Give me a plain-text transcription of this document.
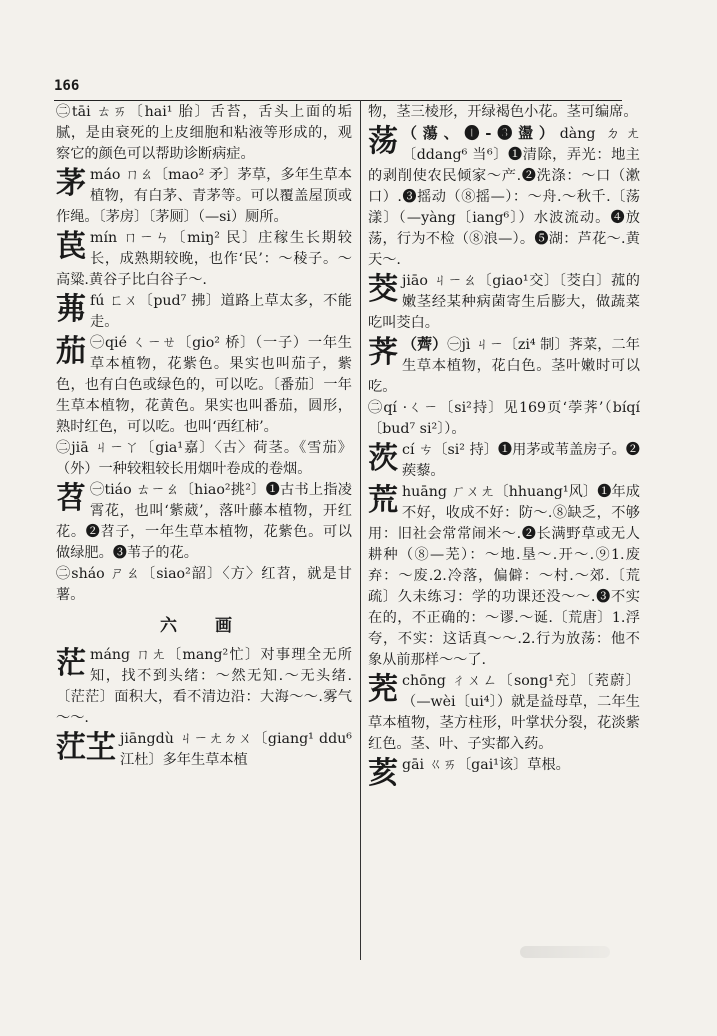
166

㊁tāi ㄊㄞ〔hai¹ 胎〕舌苔，舌头上面的垢腻，是由衰死的上皮细胞和粘液等形成的，观察它的颜色可以帮助诊断病症。

茅máo ㄇㄠ〔mao² 矛〕茅草，多年生草本植物，有白茅、青茅等。可以覆盖屋顶或作绳。〔茅房〕〔茅厕〕（—si）厕所。

苠mín ㄇㄧㄣ〔miŋ² 民〕庄稼生长期较长，成熟期较晚，也作‘民’：～稜子。～高粱.黄谷子比白谷子～.

茀fú ㄈㄨ〔pud⁷ 拂〕道路上草太多，不能走。

茄 ㊀qié ㄑㄧㄝ〔gio² 桥〕（一子）一年生草本植物，花紫色。果实也叫茄子，紫色，也有白色或绿色的，可以吃。〔番茄〕一年生草本植物，花黄色。果实也叫番茄，圆形，熟时红色，可以吃。也叫‘西红柿’。

㊁jiā ㄐㄧㄚ〔gia¹嘉〕〈古〉荷茎。《雪茄》（外）一种较粗较长用烟叶卷成的卷烟。

苕 ㊀tiáo ㄊㄧㄠ〔hiao²挑²〕❶古书上指凌霄花，也叫‘紫葳’，落叶藤本植物，开红花。❷苕子，一年生草本植物，花紫色。可以做绿肥。❸苇子的花。

㊁sháo ㄕㄠ〔siao²韶〕〈方〉红苕，就是甘薯。

六 画

茫máng ㄇㄤ〔mang²忙〕对事理全无所知，找不到头绪：～然无知.～无头绪.〔茫茫〕面积大，看不清边沿：大海～～.雾气～～.

茳芏 jiāngdù ㄐㄧㄤㄉㄨ〔giang¹ ddu⁶ 江杜〕多年生草本植

物，茎三棱形，开绿褐色小花。茎可编席。

荡 （蕩、❶-❸盪）dàng ㄉㄤ〔ddang⁶ 当⁶〕❶清除，弄光：地主的剥削使农民倾家～产.❷洗涤：～口（漱口）.❸摇动（⑧摇—）：～舟.～秋千.〔荡漾〕（—yàng〔iang⁶〕）水波流动。❹放荡，行为不检（⑧浪—）。❺湖：芦花～.黄天～.

茭jiāo ㄐㄧㄠ〔giao¹交〕〔茭白〕菰的嫩茎经某种病菌寄生后膨大，做蔬菜吃叫茭白。

荠 （薺）㊀jì ㄐㄧ〔zi⁴ 制〕荠菜，二年生草本植物，花白色。茎叶嫩时可以吃。

㊁qí ·ㄑㄧ〔si²持〕见169页‘荸荠’（bíqí〔bud⁷ si²〕）。

茨cí ㄘ〔si² 持〕❶用茅或苇盖房子。❷蒺藜。

荒huāng ㄏㄨㄤ〔hhuang¹风〕❶年成不好，收成不好：防～.⑧缺乏，不够用：旧社会常常闹米～.❷长满野草或无人耕种（⑧—芜）：～地.垦～.开～.⑨1.废弃：～废.2.冷落，偏僻：～村.～郊.〔荒疏〕久未练习：学的功课还没～～.❸不实在的，不正确的：～谬.～诞.〔荒唐〕1.浮夸，不实：这话真～～.2.行为放荡：他不象从前那样～～了.

茺chōng ㄔㄨㄥ〔song¹充〕〔茺蔚〕（—wèi〔ui⁴〕）就是益母草，二年生草本植物，茎方柱形，叶掌状分裂，花淡紫红色。茎、叶、子实都入药。

荄gāi ㄍㄞ〔gai¹该〕草根。
